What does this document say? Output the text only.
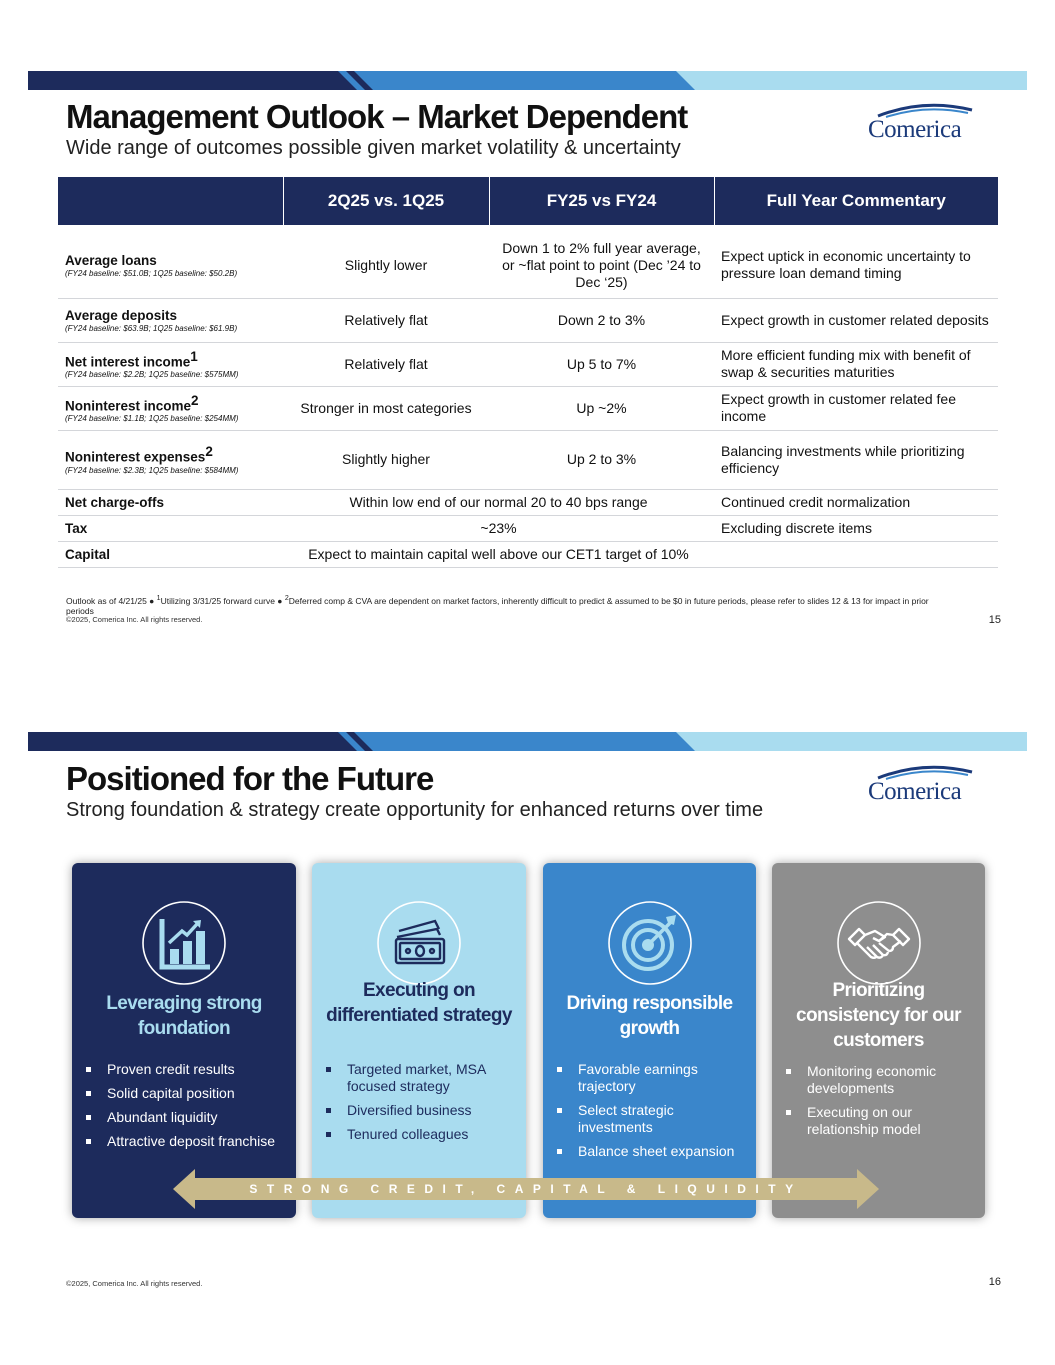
Management Outlook – Market Dependent

Wide range of outcomes possible given market volatility & uncertainty

Comerica
	2Q25 vs. 1Q25	FY25 vs FY24	Full Year Commentary

Average loans
(FY24 baseline: $51.0B; 1Q25 baseline: $50.2B)	Slightly lower	Down 1 to 2% full year average, or ~flat point to point (Dec ’24 to Dec ‘25)	Expect uptick in economic uncertainty to pressure loan demand timing
Average deposits
(FY24 baseline: $63.9B; 1Q25 baseline: $61.9B)	Relatively flat	Down 2 to 3%	Expect growth in customer related deposits
Net interest income$^1$
(FY24 baseline: $2.2B; 1Q25 baseline: $575MM)	Relatively flat	Up 5 to 7%	More efficient funding mix with benefit of swap & securities maturities
Noninterest income$^2$
(FY24 baseline: $1.1B; 1Q25 baseline: $254MM)	Stronger in most categories	Up ~2%	Expect growth in customer related fee income
Noninterest expenses$^2$
(FY24 baseline: $2.3B; 1Q25 baseline: $584MM)	Slightly higher	Up 2 to 3%	Balancing investments while prioritizing efficiency
Net charge-offs	Within low end of our normal 20 to 40 bps range		Continued credit normalization
Tax	~23%		Excluding discrete items
Capital	Expect to maintain capital well above our CET1 target of 10%		
Outlook as of 4/21/25 ● $^1$Utilizing 3/31/25 forward curve ● $^2$Deferred comp & CVA are dependent on market factors, inherently difficult to predict & assumed to be $0 in future periods, please refer to slides 12 & 13 for impact in prior periods
©2025, Comerica Inc. All rights reserved.	15
Positioned for the Future

Strong foundation & strategy create opportunity for enhanced returns over time

Comerica
Leveraging strong foundation
Proven credit results
Solid capital position
Abundant liquidity
Attractive deposit franchise
Executing on differentiated strategy
Targeted market, MSA focused strategy
Diversified business
Tenured colleagues
Driving responsible growth
Favorable earnings trajectory
Select strategic investments
Balance sheet expansion
Prioritizing consistency for our customers
Monitoring economic developments
Executing on our relationship model
STRONG CREDIT, CAPITAL & LIQUIDITY
©2025, Comerica Inc. All rights reserved.	16
